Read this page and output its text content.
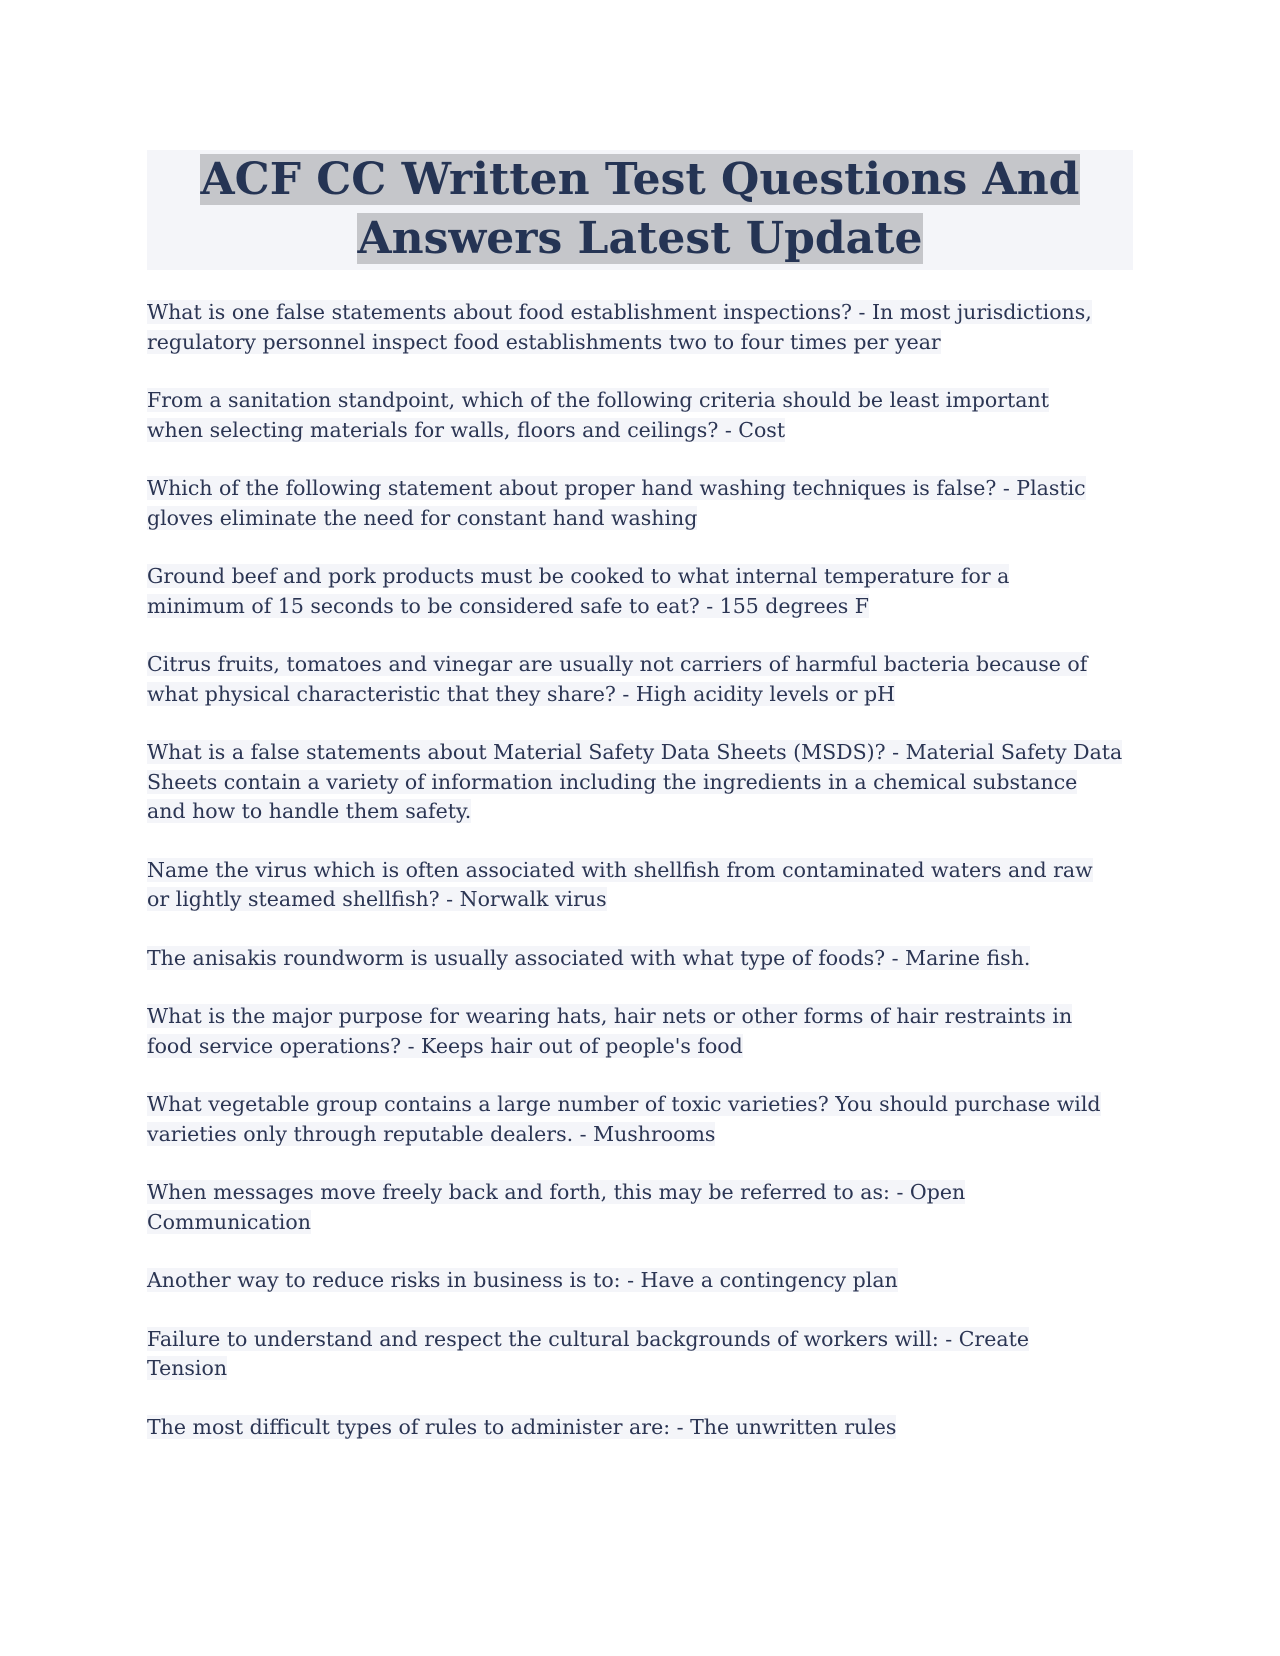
ACF CC Written Test Questions And
Answers Latest Update

What is one false statements about food establishment inspections? - In most jurisdictions,
regulatory personnel inspect food establishments two to four times per year

From a sanitation standpoint, which of the following criteria should be least important
when selecting materials for walls, floors and ceilings? - Cost

Which of the following statement about proper hand washing techniques is false? - Plastic
gloves eliminate the need for constant hand washing

Ground beef and pork products must be cooked to what internal temperature for a
minimum of 15 seconds to be considered safe to eat? - 155 degrees F

Citrus fruits, tomatoes and vinegar are usually not carriers of harmful bacteria because of
what physical characteristic that they share? - High acidity levels or pH

What is a false statements about Material Safety Data Sheets (MSDS)? - Material Safety Data
Sheets contain a variety of information including the ingredients in a chemical substance
and how to handle them safety.

Name the virus which is often associated with shellfish from contaminated waters and raw
or lightly steamed shellfish? - Norwalk virus

The anisakis roundworm is usually associated with what type of foods? - Marine fish.

What is the major purpose for wearing hats, hair nets or other forms of hair restraints in
food service operations? - Keeps hair out of people's food

What vegetable group contains a large number of toxic varieties? You should purchase wild
varieties only through reputable dealers. - Mushrooms

When messages move freely back and forth, this may be referred to as: - Open
Communication

Another way to reduce risks in business is to: - Have a contingency plan

Failure to understand and respect the cultural backgrounds of workers will: - Create
Tension

The most difficult types of rules to administer are: - The unwritten rules
